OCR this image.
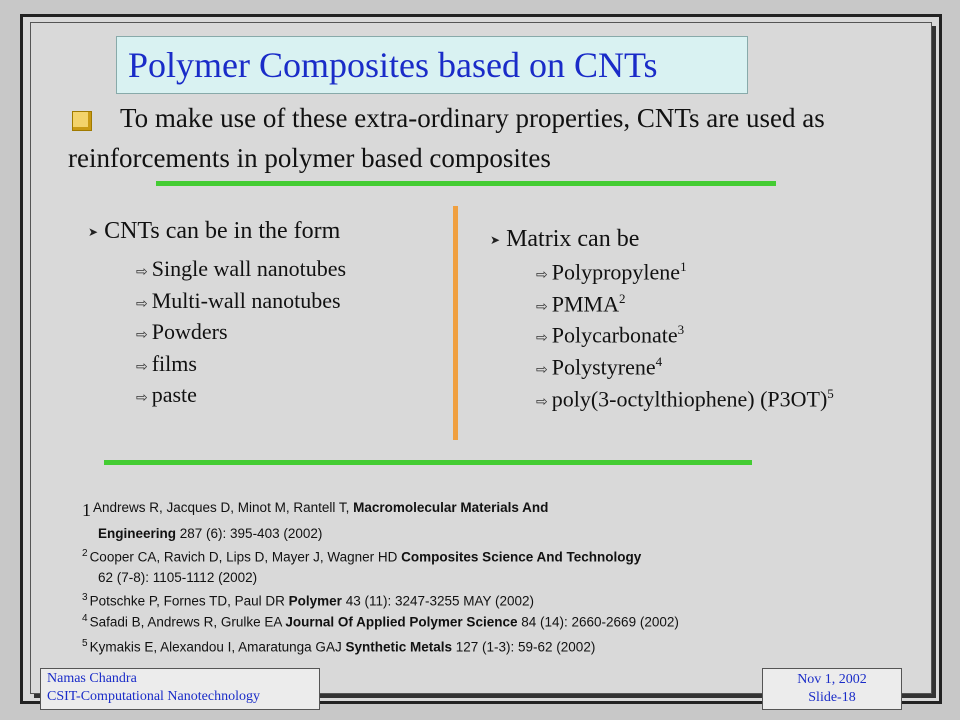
Polymer Composites based on CNTs
To make use of these extra-ordinary properties, CNTs are used as reinforcements in polymer based composites
➤ CNTs can be in the form
⇨ Single wall nanotubes
⇨ Multi-wall nanotubes
⇨ Powders
⇨ films
⇨ paste
➤ Matrix can be
⇨ Polypropylene$^1$
⇨ PMMA$^2$
⇨ Polycarbonate$^3$
⇨ Polystyrene$^4$
⇨ poly(3-octylthiophene) $(P3OT)^5$
1 Andrews R, Jacques D, Minot M, Rantell T, Macromolecular Materials And
Engineering 287 (6): 395-403 (2002)
$^2$ Cooper CA, Ravich D, Lips D, Mayer J, Wagner HD Composites Science And Technology
62 (7-8): 1105-1112 (2002)
$^3$ Potschke P, Fornes TD, Paul DR Polymer 43 (11): 3247-3255 MAY (2002)
$^4$ Safadi B, Andrews R, Grulke EA Journal Of Applied Polymer Science 84 (14): 2660-2669 (2002)
$^5$ Kymakis E, Alexandou I, Amaratunga GAJ Synthetic Metals 127 (1-3): 59-62 (2002)
Namas Chandra
CSIT-Computational Nanotechnology
Nov 1, 2002
Slide-18
